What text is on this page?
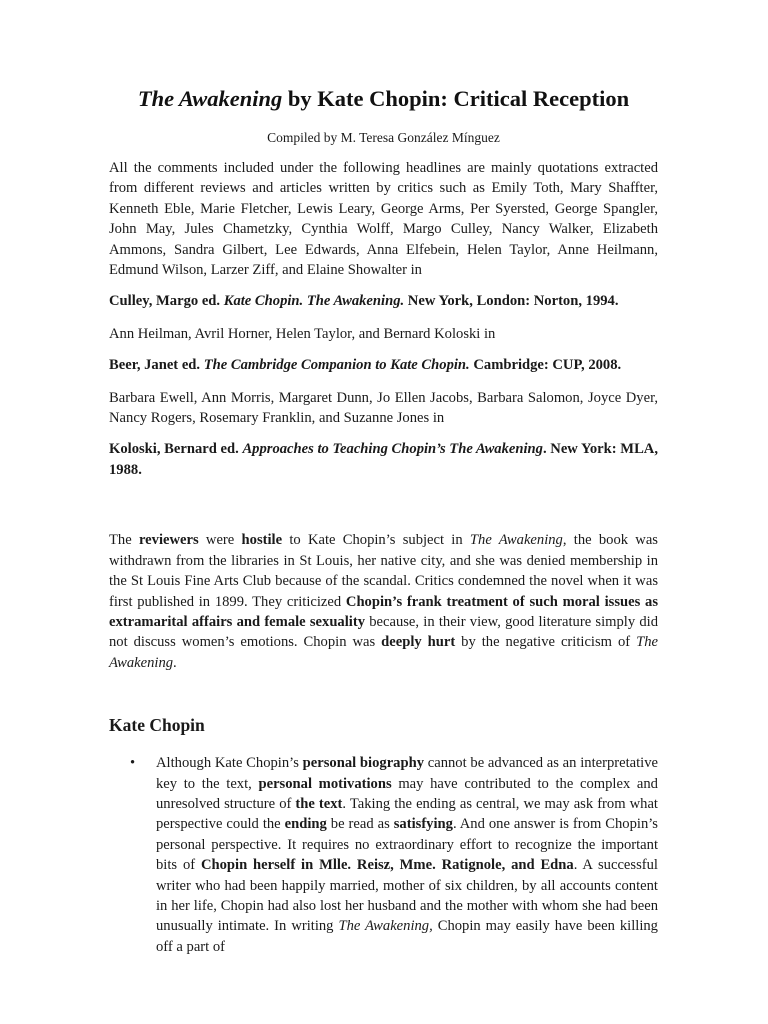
The Awakening by Kate Chopin: Critical Reception
Compiled by M. Teresa González Mínguez

All the comments included under the following headlines are mainly quotations extracted from different reviews and articles written by critics such as Emily Toth, Mary Shaffter, Kenneth Eble, Marie Fletcher, Lewis Leary, George Arms, Per Syersted, George Spangler, John May, Jules Chametzky, Cynthia Wolff, Margo Culley, Nancy Walker, Elizabeth Ammons, Sandra Gilbert, Lee Edwards, Anna Elfebein, Helen Taylor, Anne Heilmann, Edmund Wilson, Larzer Ziff, and Elaine Showalter in

Culley, Margo ed. Kate Chopin. The Awakening. New York, London: Norton, 1994.

Ann Heilman, Avril Horner, Helen Taylor, and Bernard Koloski in

Beer, Janet ed. The Cambridge Companion to Kate Chopin. Cambridge: CUP, 2008.

Barbara Ewell, Ann Morris, Margaret Dunn, Jo Ellen Jacobs, Barbara Salomon, Joyce Dyer, Nancy Rogers, Rosemary Franklin, and Suzanne Jones in

Koloski, Bernard ed. Approaches to Teaching Chopin’s The Awakening. New York: MLA, 1988.

The reviewers were hostile to Kate Chopin’s subject in The Awakening, the book was withdrawn from the libraries in St Louis, her native city, and she was denied membership in the St Louis Fine Arts Club because of the scandal. Critics condemned the novel when it was first published in 1899. They criticized Chopin’s frank treatment of such moral issues as extramarital affairs and female sexuality because, in their view, good literature simply did not discuss women’s emotions. Chopin was deeply hurt by the negative criticism of The Awakening.

Kate Chopin
• Although Kate Chopin’s personal biography cannot be advanced as an interpretative key to the text, personal motivations may have contributed to the complex and unresolved structure of the text. Taking the ending as central, we may ask from what perspective could the ending be read as satisfying. And one answer is from Chopin’s personal perspective. It requires no extraordinary effort to recognize the important bits of Chopin herself in Mlle. Reisz, Mme. Ratignole, and Edna. A successful writer who had been happily married, mother of six children, by all accounts content in her life, Chopin had also lost her husband and the mother with whom she had been unusually intimate. In writing The Awakening, Chopin may easily have been killing off a part of
